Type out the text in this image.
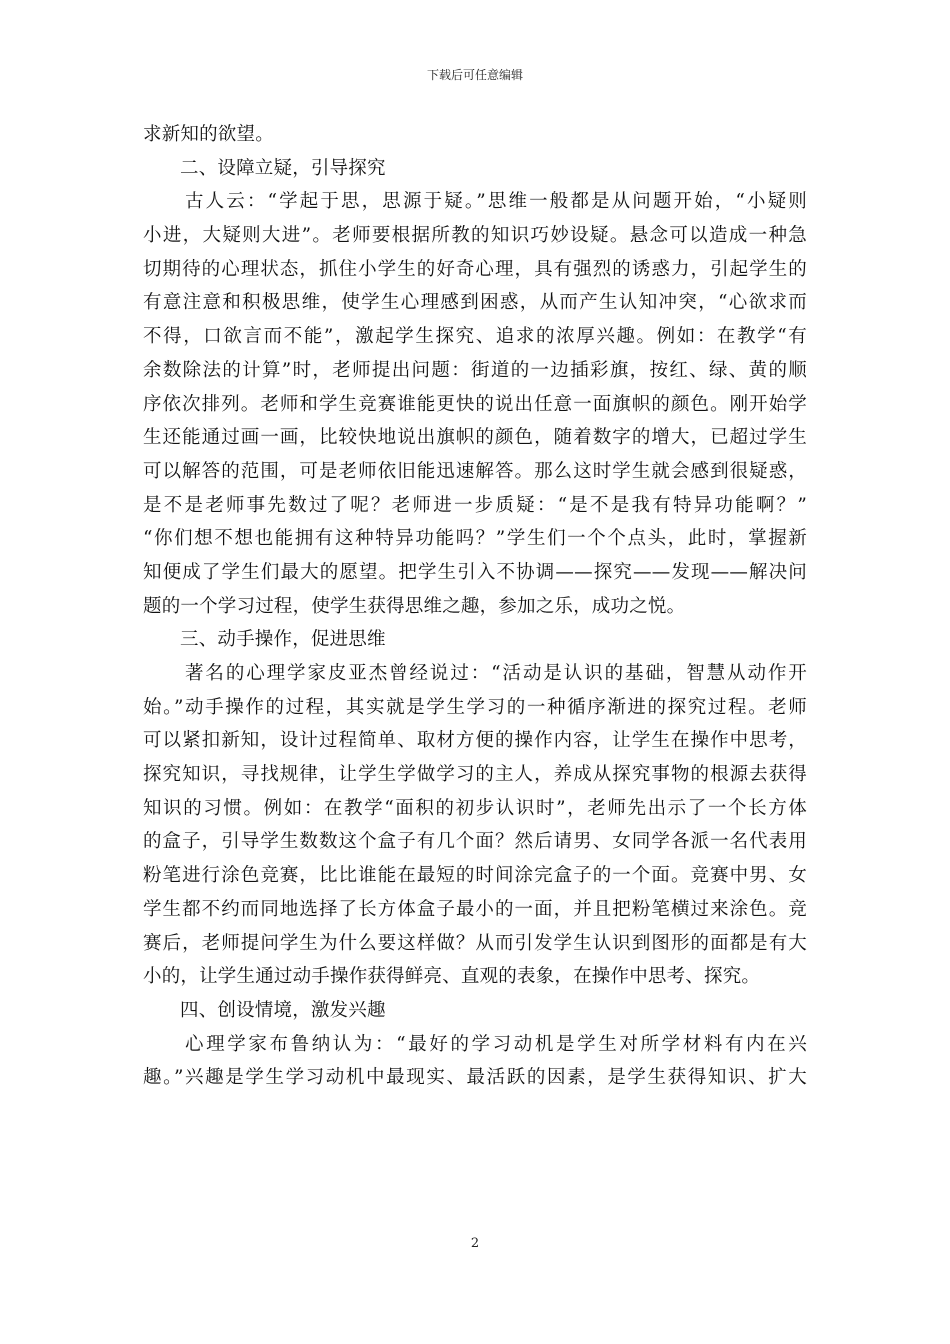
下载后可任意编辑
求新知的欲望。
二、设障立疑，引导探究
古人云：“学起于思，思源于疑。”思维一般都是从问题开始，“小疑则
小进，大疑则大进”。老师要根据所教的知识巧妙设疑。悬念可以造成一种急
切期待的心理状态，抓住小学生的好奇心理，具有强烈的诱惑力，引起学生的
有意注意和积极思维，使学生心理感到困惑，从而产生认知冲突，“心欲求而
不得，口欲言而不能”，激起学生探究、追求的浓厚兴趣。例如：在教学“有
余数除法的计算”时，老师提出问题：街道的一边插彩旗，按红、绿、黄的顺
序依次排列。老师和学生竞赛谁能更快的说出任意一面旗帜的颜色。刚开始学
生还能通过画一画，比较快地说出旗帜的颜色，随着数字的增大，已超过学生
可以解答的范围，可是老师依旧能迅速解答。那么这时学生就会感到很疑惑，
是不是老师事先数过了呢？老师进一步质疑：“是不是我有特异功能啊？”
“你们想不想也能拥有这种特异功能吗？”学生们一个个点头，此时，掌握新
知便成了学生们最大的愿望。把学生引入不协调——探究——发现——解决问
题的一个学习过程，使学生获得思维之趣，参加之乐，成功之悦。
三、动手操作，促进思维
著名的心理学家皮亚杰曾经说过：“活动是认识的基础，智慧从动作开
始。”动手操作的过程，其实就是学生学习的一种循序渐进的探究过程。老师
可以紧扣新知，设计过程简单、取材方便的操作内容，让学生在操作中思考，
探究知识，寻找规律，让学生学做学习的主人，养成从探究事物的根源去获得
知识的习惯。例如：在教学“面积的初步认识时”，老师先出示了一个长方体
的盒子，引导学生数数这个盒子有几个面？然后请男、女同学各派一名代表用
粉笔进行涂色竞赛，比比谁能在最短的时间涂完盒子的一个面。竞赛中男、女
学生都不约而同地选择了长方体盒子最小的一面，并且把粉笔横过来涂色。竞
赛后，老师提问学生为什么要这样做？从而引发学生认识到图形的面都是有大
小的，让学生通过动手操作获得鲜亮、直观的表象，在操作中思考、探究。
四、创设情境，激发兴趣
心理学家布鲁纳认为：“最好的学习动机是学生对所学材料有内在兴
趣。”兴趣是学生学习动机中最现实、最活跃的因素，是学生获得知识、扩大
2
